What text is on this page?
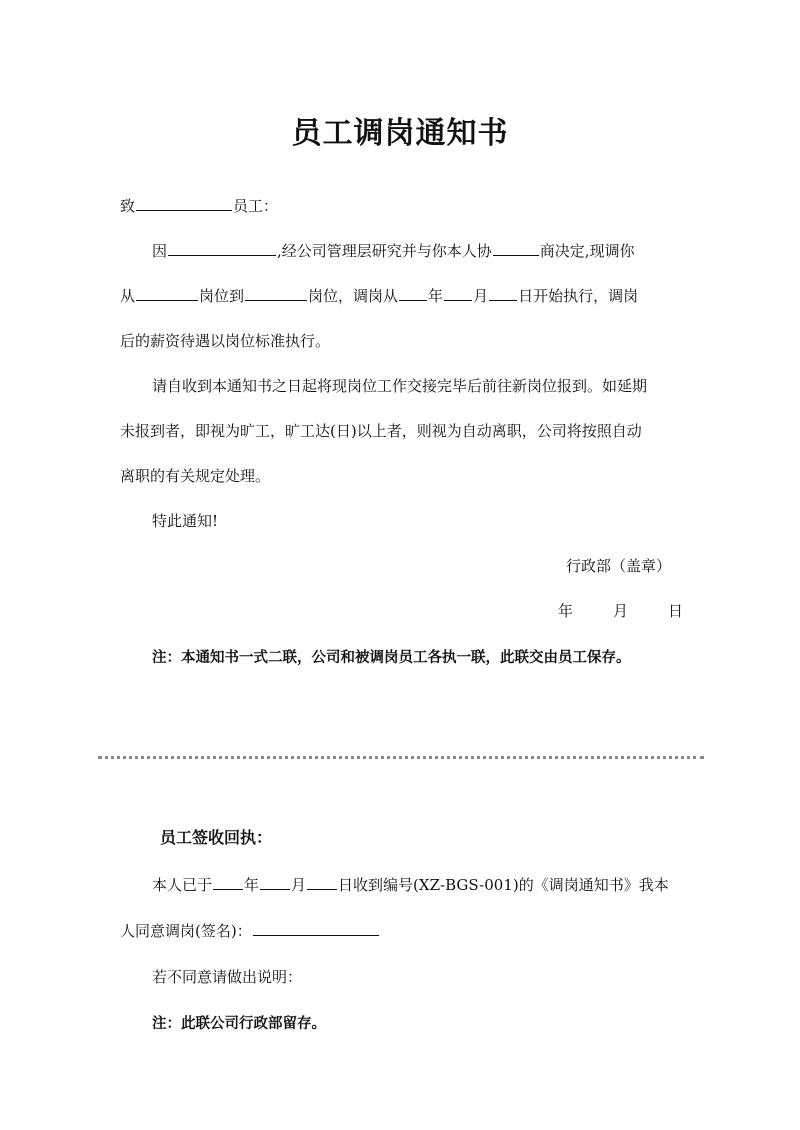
员工调岗通知书
致	员工：
因	,经公司管理层研究并与你本人协	商决定,现调你
从	岗位到	岗位，调岗从 年 月 日开始执行，调岗
后的薪资待遇以岗位标准执行。
请自收到本通知书之日起将现岗位工作交接完毕后前往新岗位报到。如延期
未报到者，即视为旷工，旷工达(日)以上者，则视为自动离职，公司将按照自动
离职的有关规定处理。
特此通知!
行政部（盖章）
年	月	日
注：本通知书一式二联，公司和被调岗员工各执一联，此联交由员工保存。
员工签收回执：
本人已于 年 月 日收到编号(XZ-BGS-001)的《调岗通知书》我本
人同意调岗(签名)：
若不同意请做出说明：
注：此联公司行政部留存。
